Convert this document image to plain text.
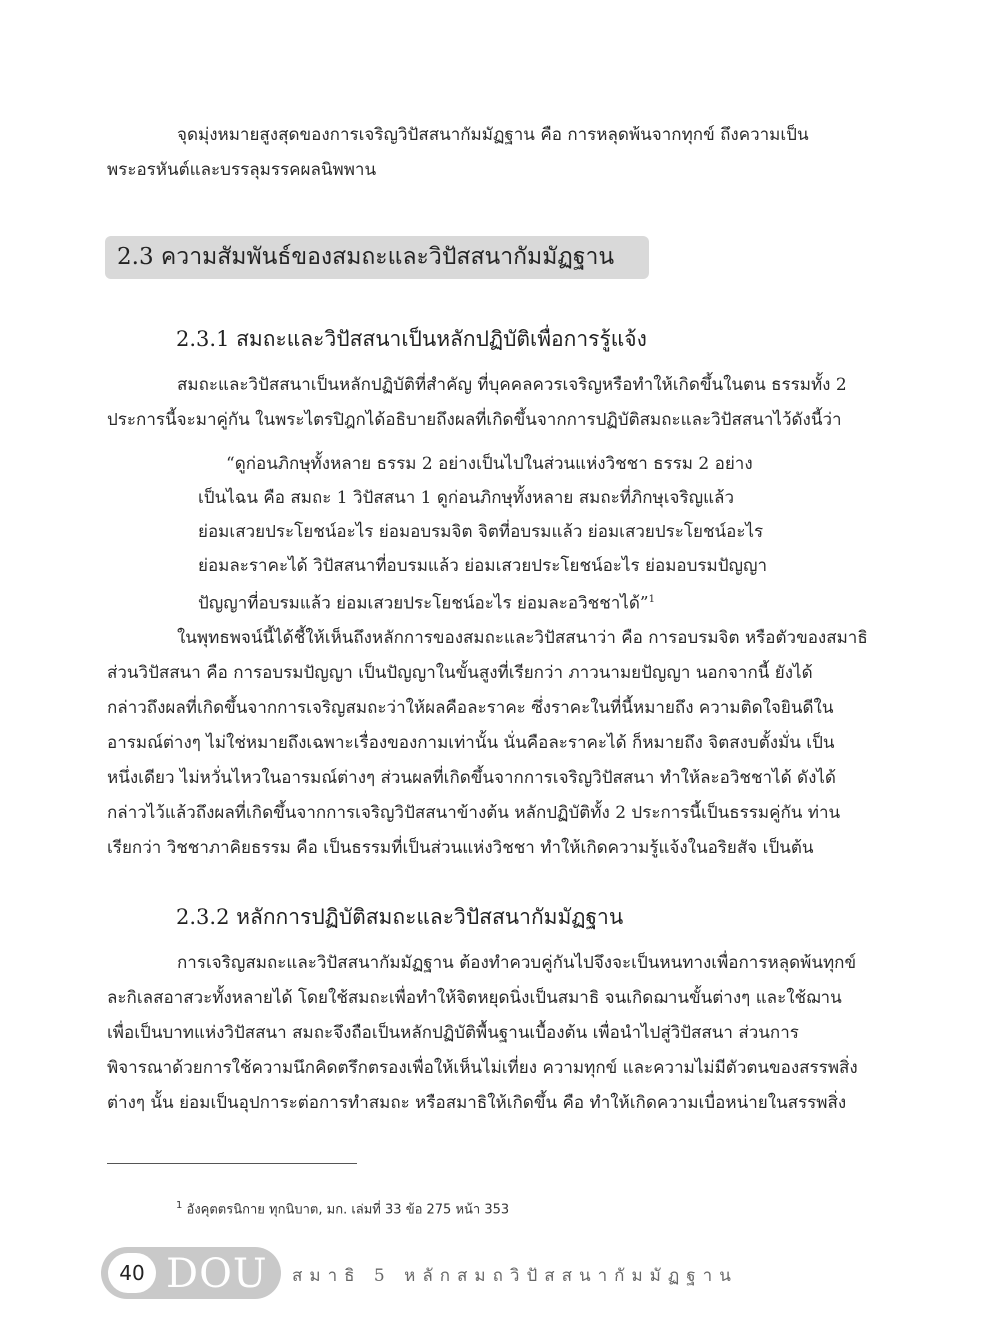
จุดมุ่งหมายสูงสุดของการเจริญวิปัสสนากัมมัฏฐาน คือ การหลุดพ้นจากทุกข์ ถึงความเป็น
พระอรหันต์และบรรลุมรรคผลนิพพาน
2.3 ความสัมพันธ์ของสมถะและวิปัสสนากัมมัฏฐาน
2.3.1 สมถะและวิปัสสนาเป็นหลักปฏิบัติเพื่อการรู้แจ้ง
สมถะและวิปัสสนาเป็นหลักปฏิบัติที่สำคัญ ที่บุคคลควรเจริญหรือทำให้เกิดขึ้นในตน ธรรมทั้ง 2
ประการนี้จะมาคู่กัน ในพระไตรปิฎกได้อธิบายถึงผลที่เกิดขึ้นจากการปฏิบัติสมถะและวิปัสสนาไว้ดังนี้ว่า
“ดูก่อนภิกษุทั้งหลาย ธรรม 2 อย่างเป็นไปในส่วนแห่งวิชชา ธรรม 2 อย่าง
เป็นไฉน คือ สมถะ 1 วิปัสสนา 1 ดูก่อนภิกษุทั้งหลาย สมถะที่ภิกษุเจริญแล้ว
ย่อมเสวยประโยชน์อะไร ย่อมอบรมจิต จิตที่อบรมแล้ว ย่อมเสวยประโยชน์อะไร
ย่อมละราคะได้ วิปัสสนาที่อบรมแล้ว ย่อมเสวยประโยชน์อะไร ย่อมอบรมปัญญา
ปัญญาที่อบรมแล้ว ย่อมเสวยประโยชน์อะไร ย่อมละอวิชชาได้”$^1$
ในพุทธพจน์นี้ได้ชี้ให้เห็นถึงหลักการของสมถะและวิปัสสนาว่า คือ การอบรมจิต หรือตัวของสมาธิ
ส่วนวิปัสสนา คือ การอบรมปัญญา เป็นปัญญาในขั้นสูงที่เรียกว่า ภาวนามยปัญญา นอกจากนี้ ยังได้
กล่าวถึงผลที่เกิดขึ้นจากการเจริญสมถะว่าให้ผลคือละราคะ ซึ่งราคะในที่นี้หมายถึง ความติดใจยินดีใน
อารมณ์ต่างๆ ไม่ใช่หมายถึงเฉพาะเรื่องของกามเท่านั้น นั่นคือละราคะได้ ก็หมายถึง จิตสงบตั้งมั่น เป็น
หนึ่งเดียว ไม่หวั่นไหวในอารมณ์ต่างๆ ส่วนผลที่เกิดขึ้นจากการเจริญวิปัสสนา ทำให้ละอวิชชาได้ ดังได้
กล่าวไว้แล้วถึงผลที่เกิดขึ้นจากการเจริญวิปัสสนาข้างต้น หลักปฏิบัติทั้ง 2 ประการนี้เป็นธรรมคู่กัน ท่าน
เรียกว่า วิชชาภาคิยธรรม คือ เป็นธรรมที่เป็นส่วนแห่งวิชชา ทำให้เกิดความรู้แจ้งในอริยสัจ เป็นต้น
2.3.2 หลักการปฏิบัติสมถะและวิปัสสนากัมมัฏฐาน
การเจริญสมถะและวิปัสสนากัมมัฏฐาน ต้องทำควบคู่กันไปจึงจะเป็นหนทางเพื่อการหลุดพ้นทุกข์
ละกิเลสอาสวะทั้งหลายได้ โดยใช้สมถะเพื่อทำให้จิตหยุดนิ่งเป็นสมาธิ จนเกิดฌานขั้นต่างๆ และใช้ฌาน
เพื่อเป็นบาทแห่งวิปัสสนา สมถะจึงถือเป็นหลักปฏิบัติพื้นฐานเบื้องต้น เพื่อนำไปสู่วิปัสสนา ส่วนการ
พิจารณาด้วยการใช้ความนึกคิดตรึกตรองเพื่อให้เห็นไม่เที่ยง ความทุกข์ และความไม่มีตัวตนของสรรพสิ่ง
ต่างๆ นั้น ย่อมเป็นอุปการะต่อการทำสมถะ หรือสมาธิให้เกิดขึ้น คือ ทำให้เกิดความเบื่อหน่ายในสรรพสิ่ง
$^1$ อังคุตตรนิกาย ทุกนิบาต, มก. เล่มที่ 33 ข้อ 275 หน้า 353
40 DOU สมาธิ 5 หลักสมถวิปัสสนากัมมัฏฐาน
